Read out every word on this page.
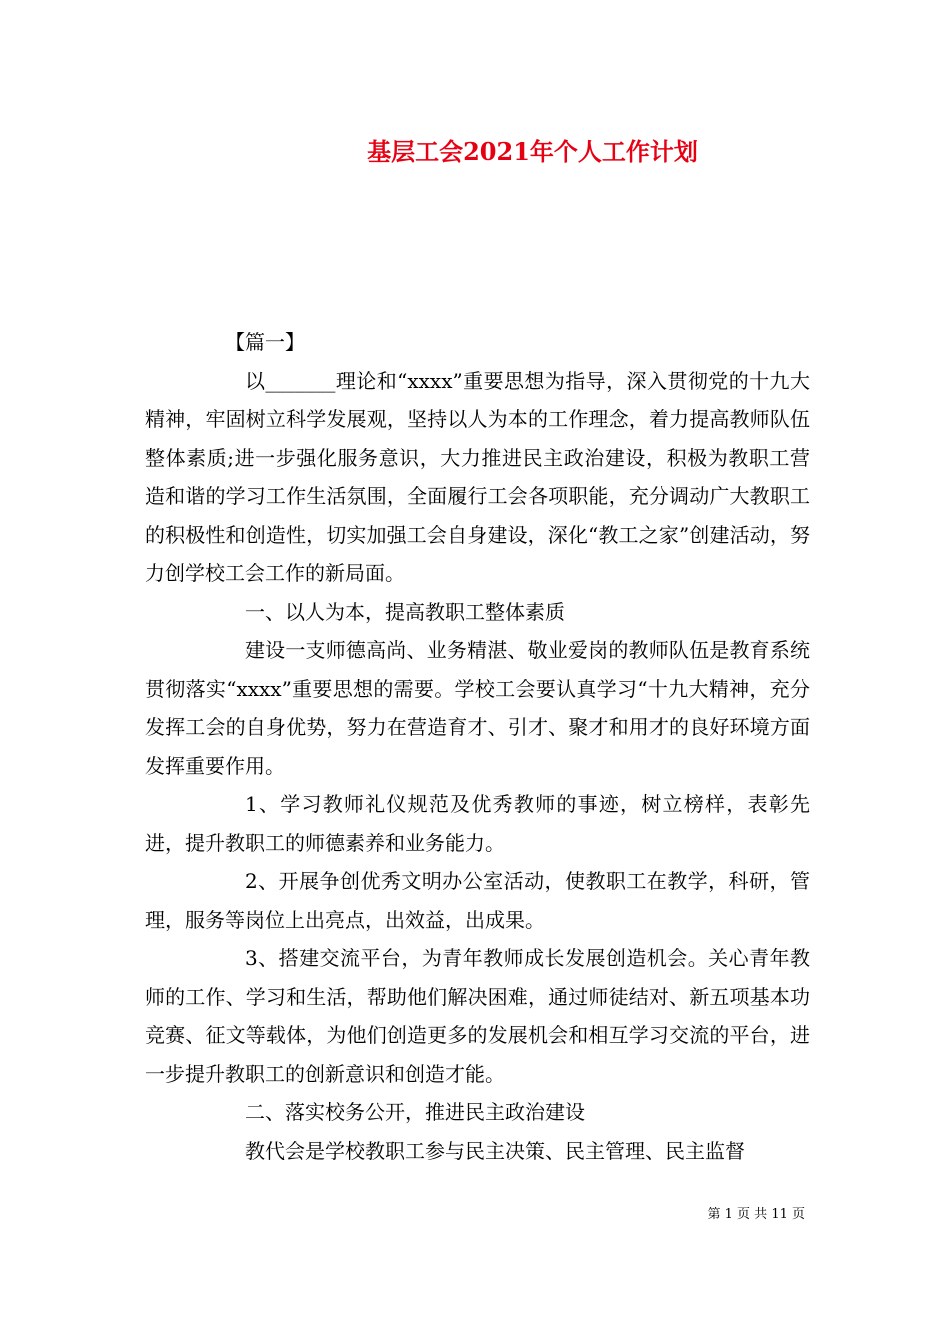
基层工会2021年个人工作计划

【篇一】

以_______理论和“xxxx”重要思想为指导，深入贯彻党的十九大精神，牢固树立科学发展观，坚持以人为本的工作理念，着力提高教师队伍整体素质;进一步强化服务意识，大力推进民主政治建设，积极为教职工营造和谐的学习工作生活氛围，全面履行工会各项职能，充分调动广大教职工的积极性和创造性，切实加强工会自身建设，深化“教工之家”创建活动，努力创学校工会工作的新局面。

一、以人为本，提高教职工整体素质

建设一支师德高尚、业务精湛、敬业爱岗的教师队伍是教育系统贯彻落实“xxxx”重要思想的需要。学校工会要认真学习“十九大精神，充分发挥工会的自身优势，努力在营造育才、引才、聚才和用才的良好环境方面发挥重要作用。

1、学习教师礼仪规范及优秀教师的事迹，树立榜样，表彰先进，提升教职工的师德素养和业务能力。

2、开展争创优秀文明办公室活动，使教职工在教学，科研，管理，服务等岗位上出亮点，出效益，出成果。

3、搭建交流平台，为青年教师成长发展创造机会。关心青年教师的工作、学习和生活，帮助他们解决困难，通过师徒结对、新五项基本功竞赛、征文等载体，为他们创造更多的发展机会和相互学习交流的平台，进一步提升教职工的创新意识和创造才能。

二、落实校务公开，推进民主政治建设

教代会是学校教职工参与民主决策、民主管理、民主监督

第 1 页 共 11 页
